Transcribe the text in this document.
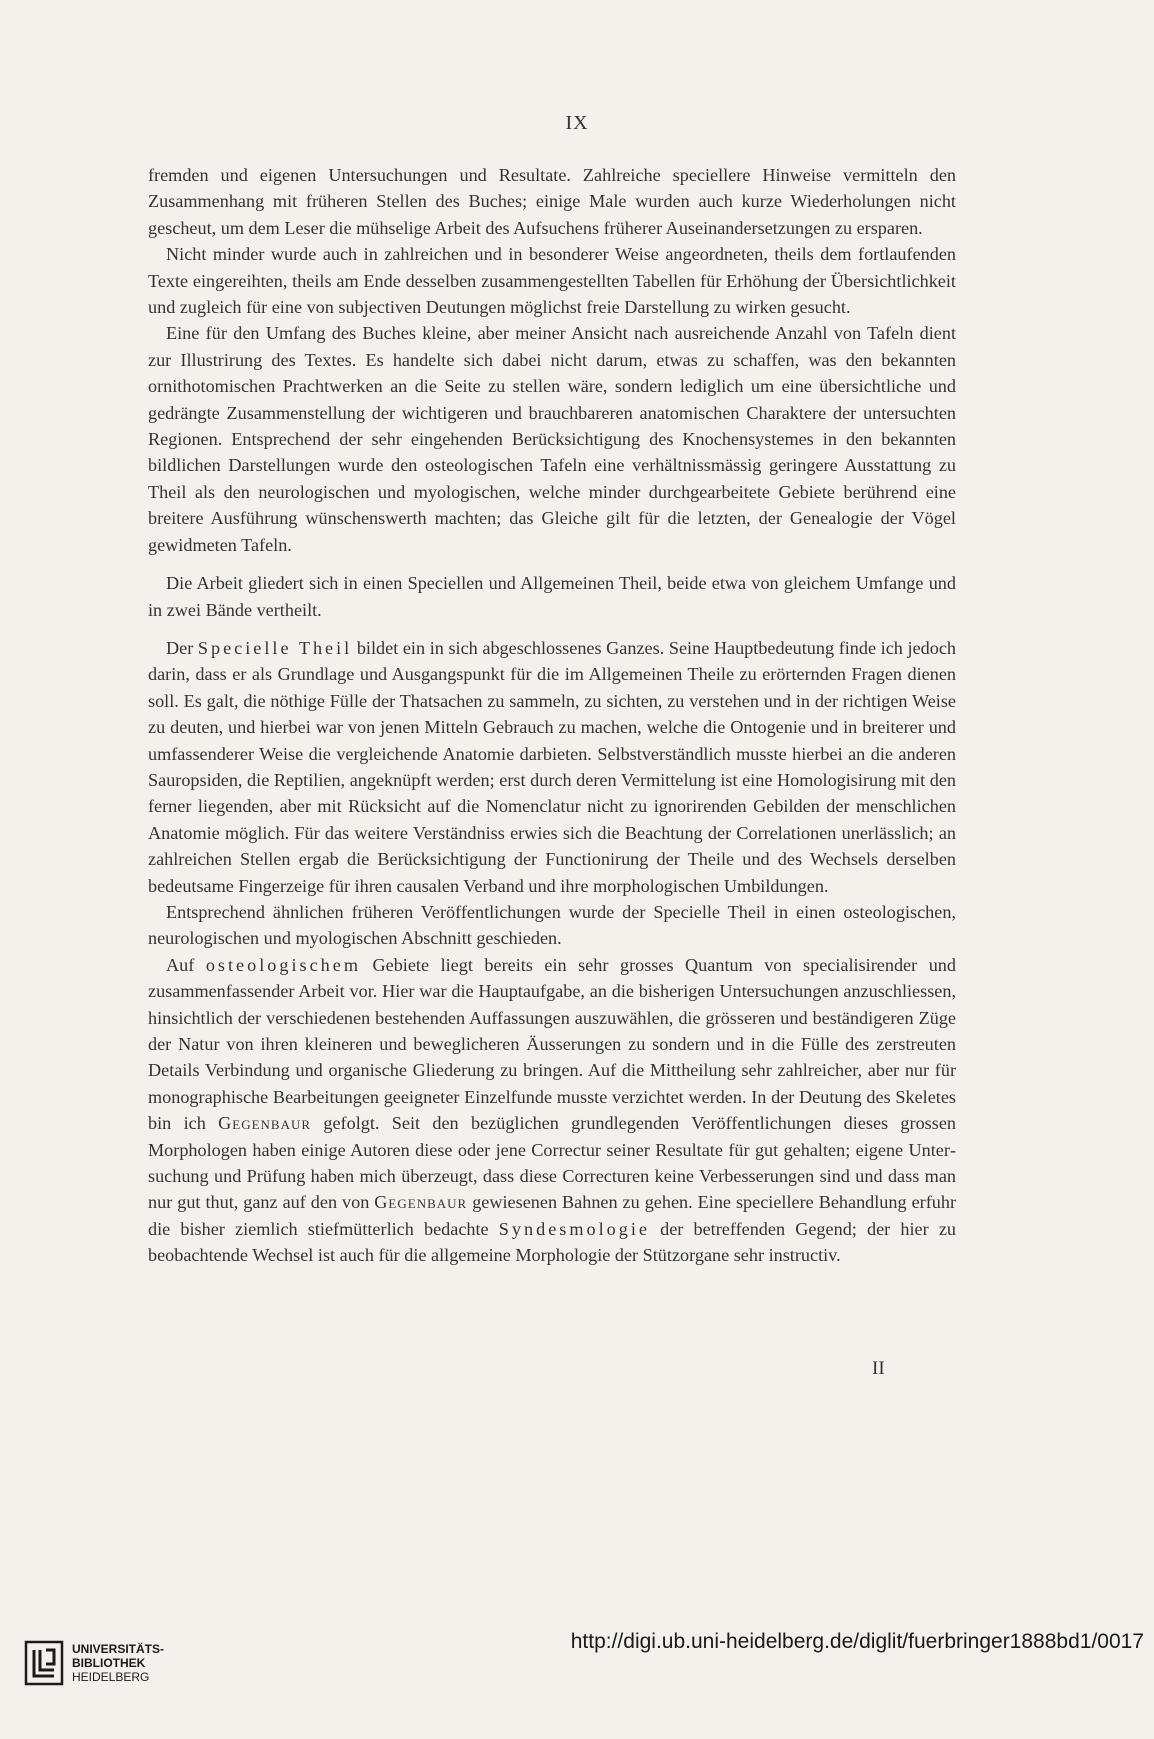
IX

fremden und eigenen Untersuchungen und Resultate. Zahlreiche speciellere Hinweise vermitteln den Zusammenhang mit früheren Stellen des Buches; einige Male wurden auch kurze Wiederholungen nicht gescheut, um dem Leser die mühselige Arbeit des Aufsuchens früherer Auseinandersetzungen zu ersparen.

Nicht minder wurde auch in zahlreichen und in besonderer Weise angeordneten, theils dem fortlaufenden Texte eingereihten, theils am Ende desselben zusammengestellten Tabellen für Erhöhung der Übersichtlichkeit und zugleich für eine von subjectiven Deutungen möglichst freie Darstellung zu wirken gesucht.

Eine für den Umfang des Buches kleine, aber meiner Ansicht nach ausreichende Anzahl von Tafeln dient zur Illustrirung des Textes. Es handelte sich dabei nicht darum, etwas zu schaffen, was den bekannten ornithotomischen Prachtwerken an die Seite zu stellen wäre, sondern lediglich um eine übersichtliche und gedrängte Zusammenstellung der wichtigeren und brauchbareren anatomischen Charaktere der untersuchten Regionen. Entsprechend der sehr eingehenden Berücksichtigung des Knochensystemes in den bekannten bildlichen Darstellungen wurde den osteologischen Tafeln eine verhältnissmässig geringere Ausstattung zu Theil als den neurologischen und myologischen, welche minder durchgearbeitete Gebiete berührend eine breitere Ausführung wünschenswerth machten; das Gleiche gilt für die letzten, der Genealogie der Vögel gewidmeten Tafeln.

Die Arbeit gliedert sich in einen Speciellen und Allgemeinen Theil, beide etwa von gleichem Umfange und in zwei Bände vertheilt.

Der Specielle Theil bildet ein in sich abgeschlossenes Ganzes. Seine Hauptbedeutung finde ich jedoch darin, dass er als Grundlage und Ausgangspunkt für die im Allgemeinen Theile zu erörternden Fragen dienen soll. Es galt, die nöthige Fülle der Thatsachen zu sammeln, zu sichten, zu verstehen und in der richtigen Weise zu deuten, und hierbei war von jenen Mitteln Gebrauch zu machen, welche die Ontogenie und in breiterer und umfassenderer Weise die vergleichende Anatomie darbieten. Selbstverständlich musste hierbei an die anderen Sauropsiden, die Reptilien, angeknüpft werden; erst durch deren Vermittelung ist eine Homologisirung mit den ferner liegenden, aber mit Rücksicht auf die Nomenclatur nicht zu ignorirenden Gebilden der menschlichen Anatomie möglich. Für das weitere Verständniss erwies sich die Beachtung der Correlationen unerlässlich; an zahlreichen Stellen ergab die Berücksichtigung der Functionirung der Theile und des Wechsels derselben bedeutsame Fingerzeige für ihren causalen Verband und ihre morphologischen Umbildungen.

Entsprechend ähnlichen früheren Veröffentlichungen wurde der Specielle Theil in einen osteologischen, neurologischen und myologischen Abschnitt geschieden.

Auf osteologischem Gebiete liegt bereits ein sehr grosses Quantum von specialisirender und zusammenfassender Arbeit vor. Hier war die Hauptaufgabe, an die bisherigen Untersuchungen anzuschliessen, hinsichtlich der verschiedenen bestehenden Auffassungen auszuwählen, die grösseren und beständigeren Züge der Natur von ihren kleineren und beweglicheren Äusserungen zu sondern und in die Fülle des zerstreuten Details Verbindung und organische Gliederung zu bringen. Auf die Mittheilung sehr zahlreicher, aber nur für monographische Bearbeitungen geeigneter Einzelfunde musste verzichtet werden. In der Deutung des Skeletes bin ich Gegenbaur gefolgt. Seit den bezüglichen grundlegenden Veröffentlichungen dieses grossen Morphologen haben einige Autoren diese oder jene Correctur seiner Resultate für gut gehalten; eigene Untersuchung und Prüfung haben mich überzeugt, dass diese Correcturen keine Verbesserungen sind und dass man nur gut thut, ganz auf den von Gegenbaur gewiesenen Bahnen zu gehen. Eine speciellere Behandlung erfuhr die bisher ziemlich stiefmütterlich bedachte Syndesmologie der betreffenden Gegend; der hier zu beobachtende Wechsel ist auch für die allgemeine Morphologie der Stützorgane sehr instructiv.

II
UNIVERSITÄTS-
BIBLIOTHEK
HEIDELBERG
http://digi.ub.uni-heidelberg.de/diglit/fuerbringer1888bd1/0017
